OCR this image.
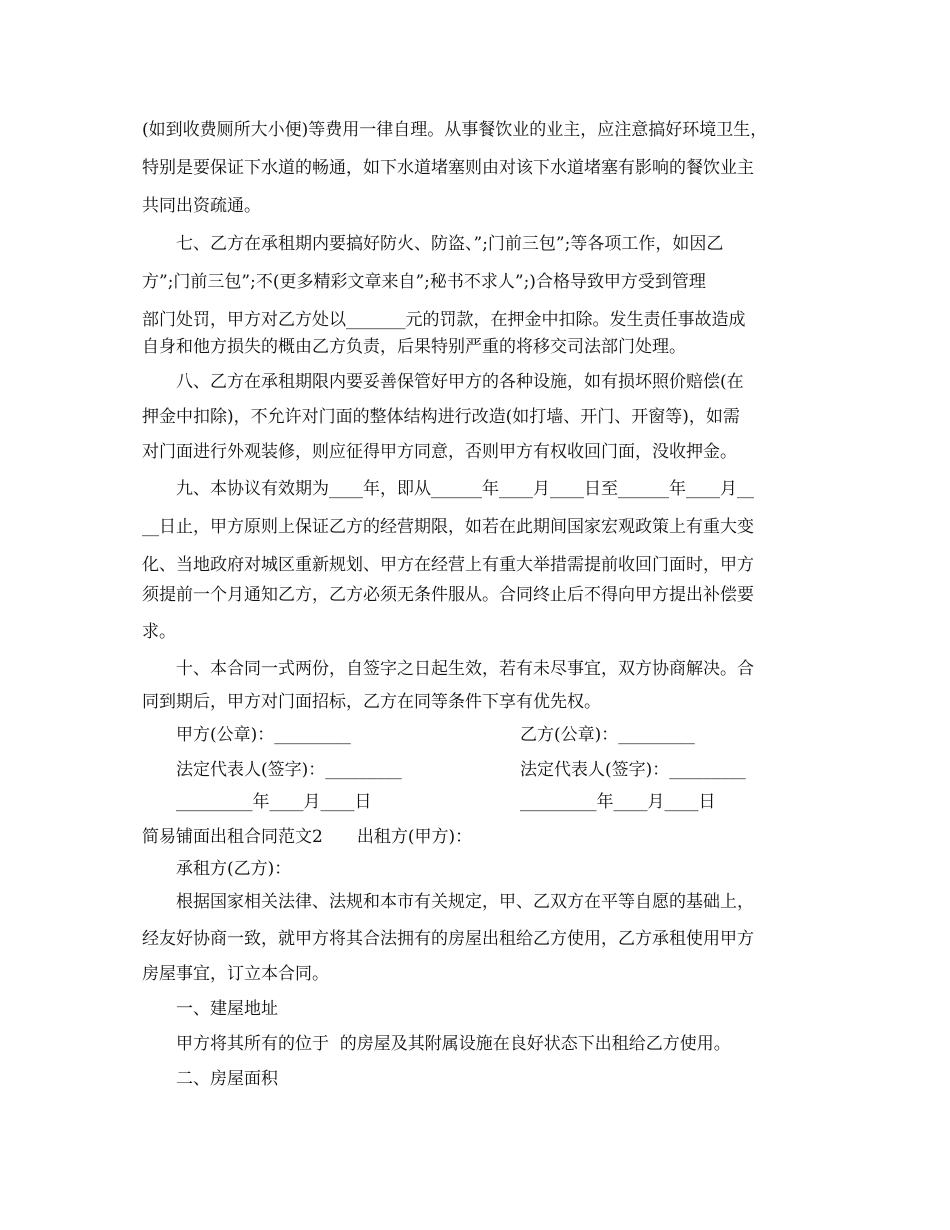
(如到收费厕所大小便)等费用一律自理。从事餐饮业的业主，应注意搞好环境卫生，
特别是要保证下水道的畅通，如下水道堵塞则由对该下水道堵塞有影响的餐饮业主
共同出资疏通。
七、乙方在承租期内要搞好防火、防盗、”;门前三包”;等各项工作，如因乙
方”;门前三包”;不(更多精彩文章来自”;秘书不求人”;)合格导致甲方受到管理
部门处罚，甲方对乙方处以_______元的罚款，在押金中扣除。发生责任事故造成
自身和他方损失的概由乙方负责，后果特别严重的将移交司法部门处理。
八、乙方在承租期限内要妥善保管好甲方的各种设施，如有损坏照价赔偿(在
押金中扣除)，不允许对门面的整体结构进行改造(如打墙、开门、开窗等)，如需
对门面进行外观装修，则应征得甲方同意，否则甲方有权收回门面，没收押金。
九、本协议有效期为____年，即从______年____月____日至______年____月__
__日止，甲方原则上保证乙方的经营期限，如若在此期间国家宏观政策上有重大变
化、当地政府对城区重新规划、甲方在经营上有重大举措需提前收回门面时，甲方
须提前一个月通知乙方，乙方必须无条件服从。合同终止后不得向甲方提出补偿要
求。
十、本合同一式两份，自签字之日起生效，若有未尽事宜，双方协商解决。合
同到期后，甲方对门面招标，乙方在同等条件下享有优先权。
甲方(公章)：_________	乙方(公章)：_________
法定代表人(签字)：_________	法定代表人(签字)：_________
_________年____月____日	_________年____月____日
简易铺面出租合同范文2　　出租方(甲方)：
承租方(乙方)：
根据国家相关法律、法规和本市有关规定，甲、乙双方在平等自愿的基础上，
经友好协商一致，就甲方将其合法拥有的房屋出租给乙方使用，乙方承租使用甲方
房屋事宜，订立本合同。
一、建屋地址
甲方将其所有的位于  的房屋及其附属设施在良好状态下出租给乙方使用。
二、房屋面积
